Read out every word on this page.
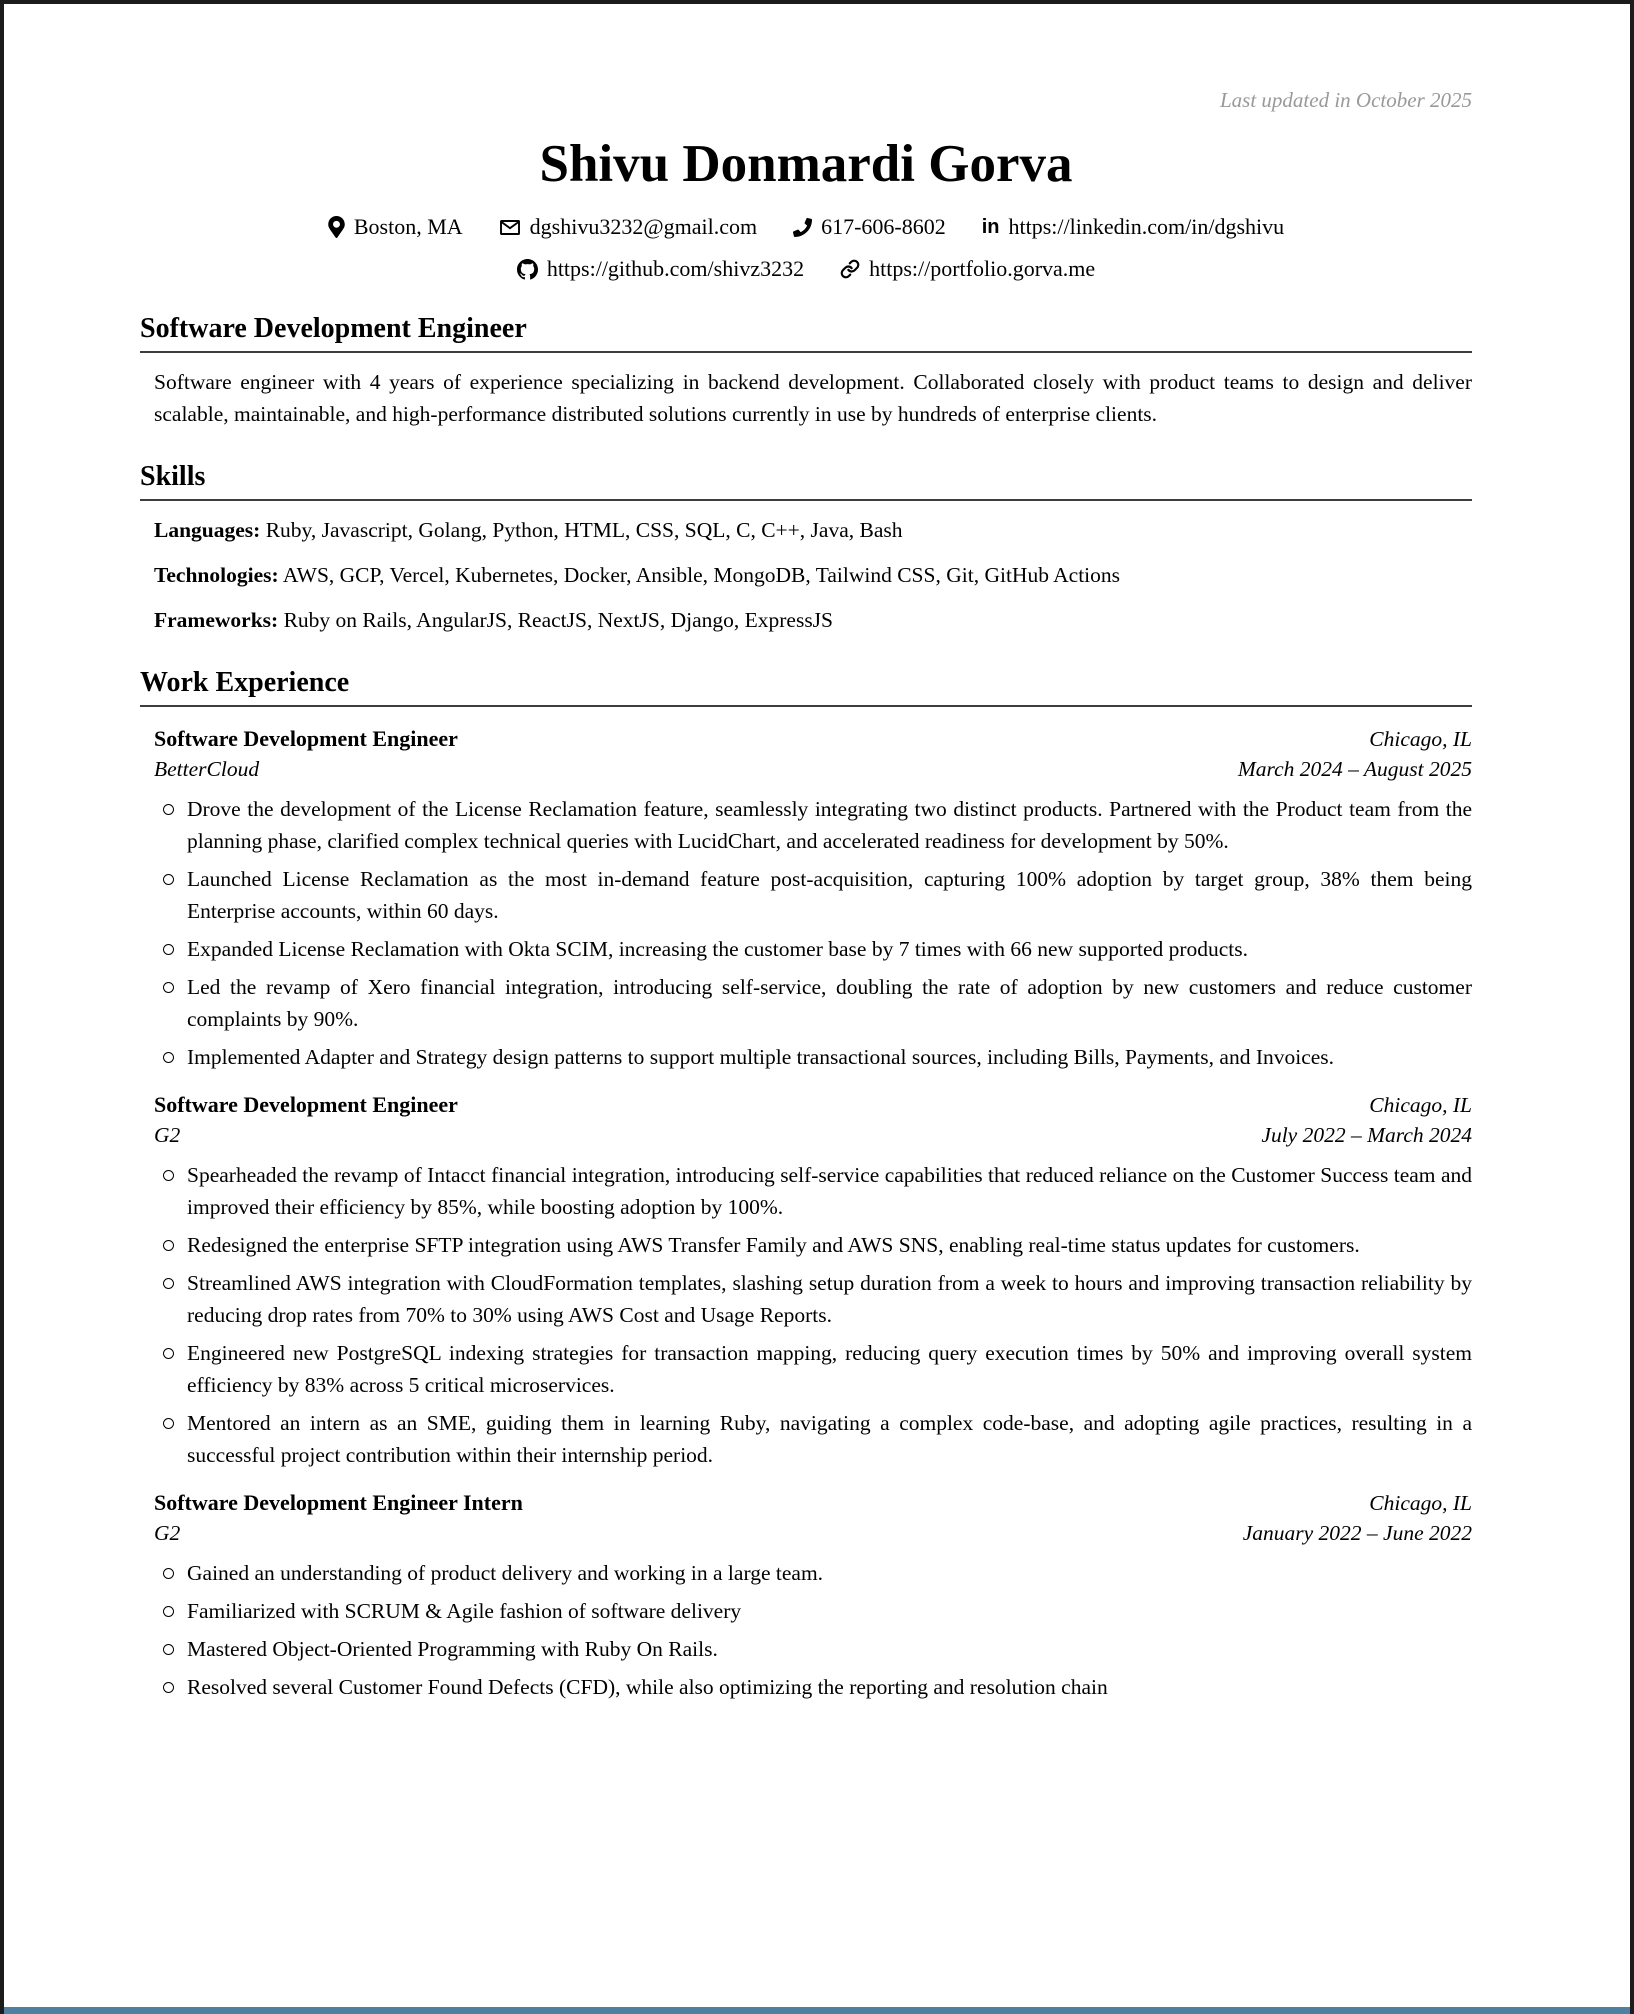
Last updated in October 2025
Shivu Donmardi Gorva
Boston, MA	dgshivu3232@gmail.com	617-606-8602 in https://linkedin.com/in/dgshivu
https://github.com/shivz3232	https://portfolio.gorva.me
Software Development Engineer
Software engineer with 4 years of experience specializing in backend development. Collaborated closely with product teams to design and deliver scalable, maintainable, and high-performance distributed solutions currently in use by hundreds of enterprise clients.
Skills
Languages: Ruby, Javascript, Golang, Python, HTML, CSS, SQL, C, C++, Java, Bash
Technologies: AWS, GCP, Vercel, Kubernetes, Docker, Ansible, MongoDB, Tailwind CSS, Git, GitHub Actions
Frameworks: Ruby on Rails, AngularJS, ReactJS, NextJS, Django, ExpressJS
Work Experience
Software Development Engineer	Chicago, IL
BetterCloud	March 2024 – August 2025
Drove the development of the License Reclamation feature, seamlessly integrating two distinct products. Partnered with the Product team from the planning phase, clarified complex technical queries with LucidChart, and accelerated readiness for development by 50%.
Launched License Reclamation as the most in-demand feature post-acquisition, capturing 100% adoption by target group, 38% them being Enterprise accounts, within 60 days.
Expanded License Reclamation with Okta SCIM, increasing the customer base by 7 times with 66 new supported products.
Led the revamp of Xero financial integration, introducing self-service, doubling the rate of adoption by new customers and reduce customer complaints by 90%.
Implemented Adapter and Strategy design patterns to support multiple transactional sources, including Bills, Payments, and Invoices.
Software Development Engineer	Chicago, IL
G2	July 2022 – March 2024
Spearheaded the revamp of Intacct financial integration, introducing self-service capabilities that reduced reliance on the Customer Success team and improved their efficiency by 85%, while boosting adoption by 100%.
Redesigned the enterprise SFTP integration using AWS Transfer Family and AWS SNS, enabling real-time status updates for customers.
Streamlined AWS integration with CloudFormation templates, slashing setup duration from a week to hours and improving transaction reliability by reducing drop rates from 70% to 30% using AWS Cost and Usage Reports.
Engineered new PostgreSQL indexing strategies for transaction mapping, reducing query execution times by 50% and improving overall system efficiency by 83% across 5 critical microservices.
Mentored an intern as an SME, guiding them in learning Ruby, navigating a complex code-base, and adopting agile practices, resulting in a successful project contribution within their internship period.
Software Development Engineer Intern	Chicago, IL
G2	January 2022 – June 2022
Gained an understanding of product delivery and working in a large team.
Familiarized with SCRUM & Agile fashion of software delivery
Mastered Object-Oriented Programming with Ruby On Rails.
Resolved several Customer Found Defects (CFD), while also optimizing the reporting and resolution chain
